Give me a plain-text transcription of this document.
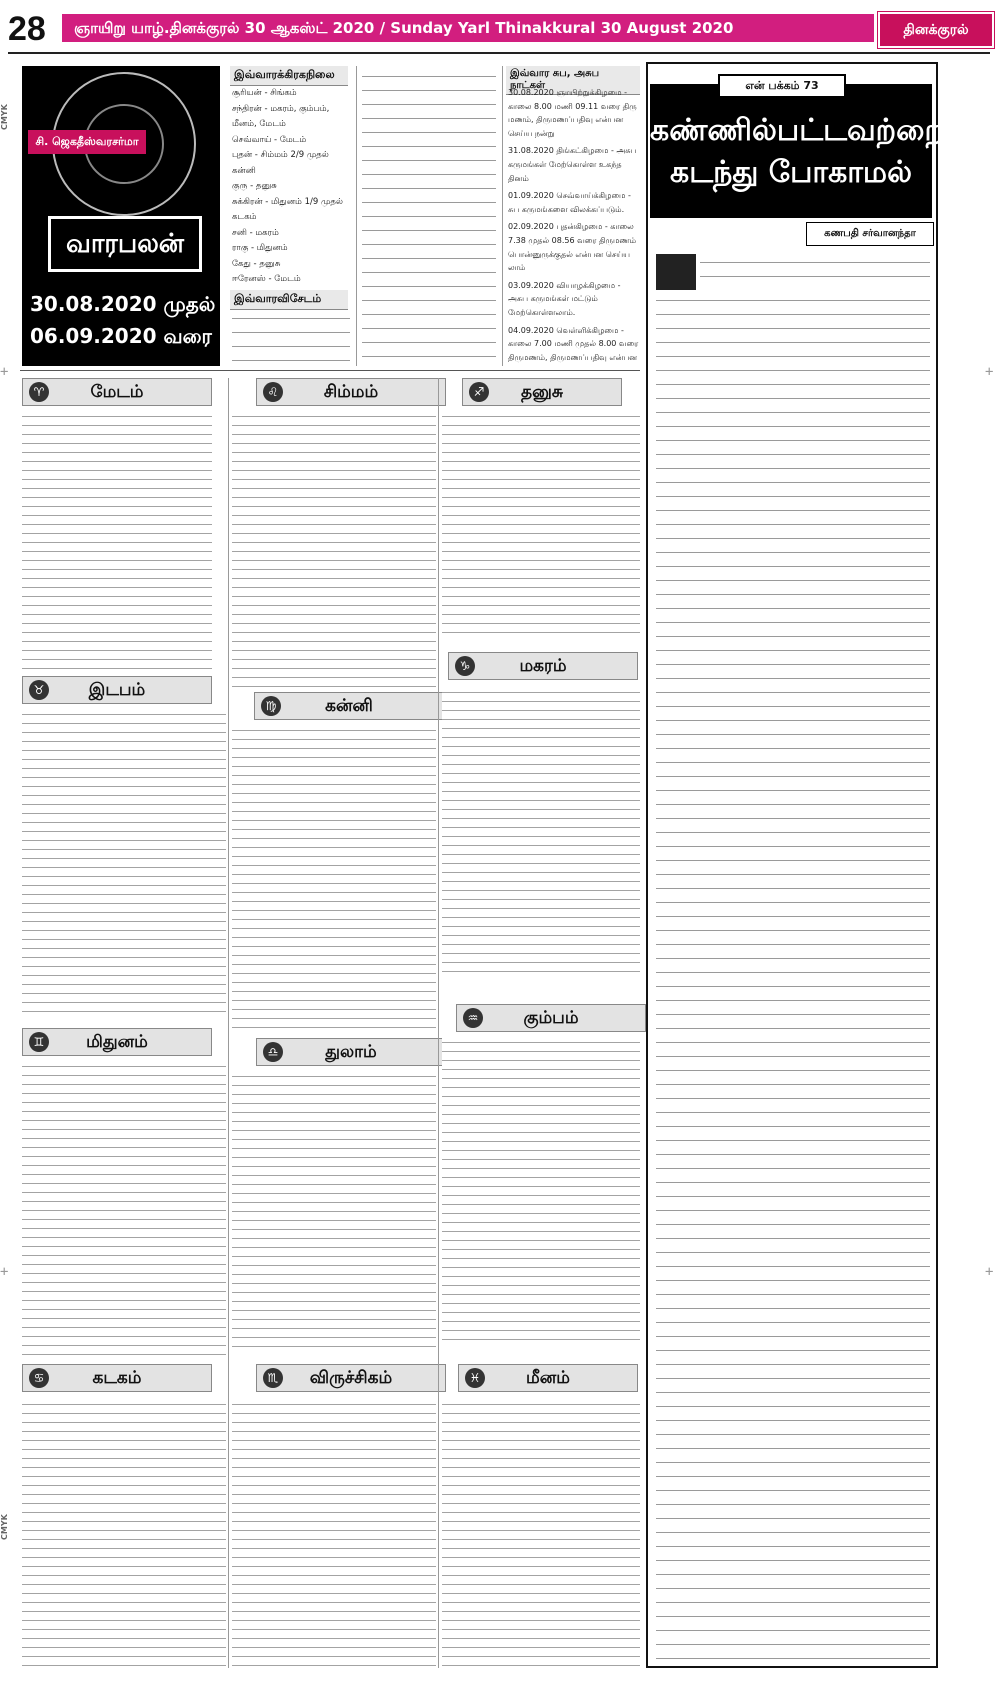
CMYK
CMYK
+	+
+	+
28	ஞாயிறு யாழ்.தினக்குரல் 30 ஆகஸ்ட் 2020 / Sunday Yarl Thinakkural 30 August 2020	தினக்குரல்
சி. ஜெகதீஸ்வரசர்மா
வாரபலன்
30.08.2020 முதல்
06.09.2020 வரை
இவ்வாரக்கிரகநிலை
சூரியன் - சிங்கம்
சந்திரன் - மகரம், கும்பம், மீனம், மேடம்
செவ்வாய் - மேடம்
புதன் - சிம்மம் 2/9 முதல் கன்னி
குரு - தனுசு
சுக்கிரன் - மிதுனம் 1/9 முதல் கடகம்
சனி - மகரம்
ராகு - மிதுனம்
கேது - தனுசு
ஈரேனஸ் - மேடம்
இவ்வாரவிசேடம்
இவ்வார சுப, அசுப நாட்கள்
30.08.2020 ஞாயிற்றுக்கிழமை - காலை 8.00 மணி 09.11 வரை திரு மணம், திருமணப்பதிவு என்பன செய்ய நன்று
31.08.2020 திங்கட்கிழமை - அசுப கருமங்கள் மேற்கொள்ள உகந்த தினம்
01.09.2020 செவ்வாய்க்கிழமை - சுப கருமங்களை விலக்கப்படும்.
02.09.2020 புதன்கிழமை - காலை 7.38 முதல் 08.56 வரை திருமணம் பொன்னுருக்குதல் என்பன செய்ய லாம்
03.09.2020 வியாழக்கிழமை - அசுப கருமங்கள் மட்டும் மேற்கொள்ளலாம்.
04.09.2020 வெள்ளிக்கிழமை - காலை 7.00 மணி முதல் 8.00 வரை திருமணம், திருமணப்பதிவு என்பன
♈	மேடம்	♌	சிம்மம்	♐	தனுசு
♉	இடபம்
♍	கன்னி
♑	மகரம்
♊	மிதுனம்	♎	துலாம்
♒	கும்பம்
♋	கடகம்	♏	விருச்சிகம்	♓	மீனம்
கண்ணில்பட்டவற்றை,
கடந்து போகாமல்
என் பக்கம் 73
கணபதி சர்வானந்தா
